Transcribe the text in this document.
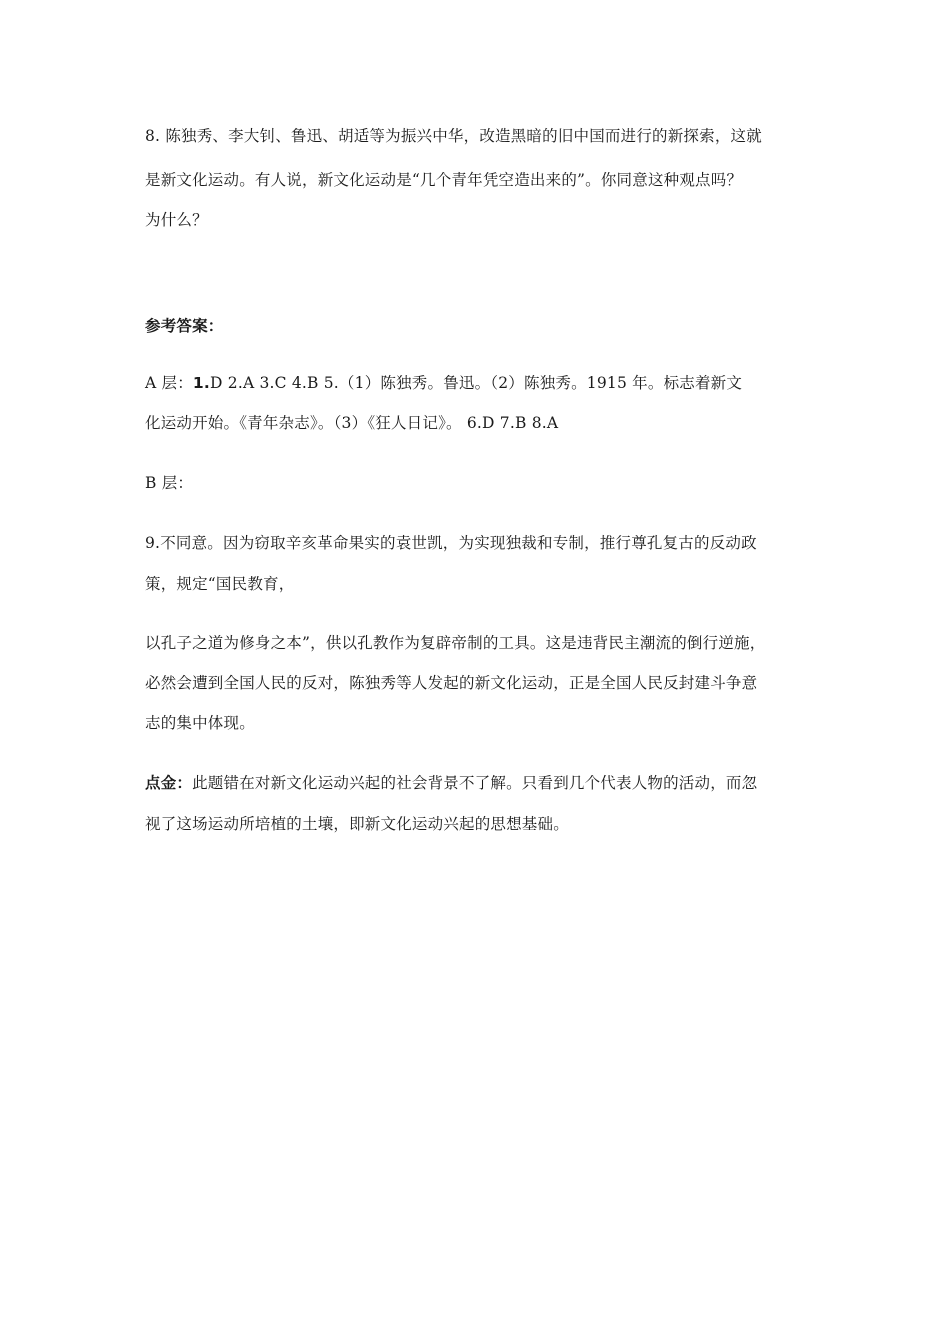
8. 陈独秀、李大钊、鲁迅、胡适等为振兴中华，改造黑暗的旧中国而进行的新探索，这就
是新文化运动。有人说，新文化运动是“几个青年凭空造出来的”。你同意这种观点吗？
为什么？
参考答案：
A 层：1.D 2.A 3.C 4.B 5.（1）陈独秀。鲁迅。（2）陈独秀。1915 年。标志着新文
化运动开始。《青年杂志》。（3）《狂人日记》。 6.D 7.B 8.A
B 层：
9.不同意。因为窃取辛亥革命果实的袁世凯，为实现独裁和专制，推行尊孔复古的反动政
策，规定“国民教育，
以孔子之道为修身之本”，供以孔教作为复辟帝制的工具。这是违背民主潮流的倒行逆施，
必然会遭到全国人民的反对，陈独秀等人发起的新文化运动，正是全国人民反封建斗争意
志的集中体现。
点金：此题错在对新文化运动兴起的社会背景不了解。只看到几个代表人物的活动，而忽
视了这场运动所培植的土壤，即新文化运动兴起的思想基础。
